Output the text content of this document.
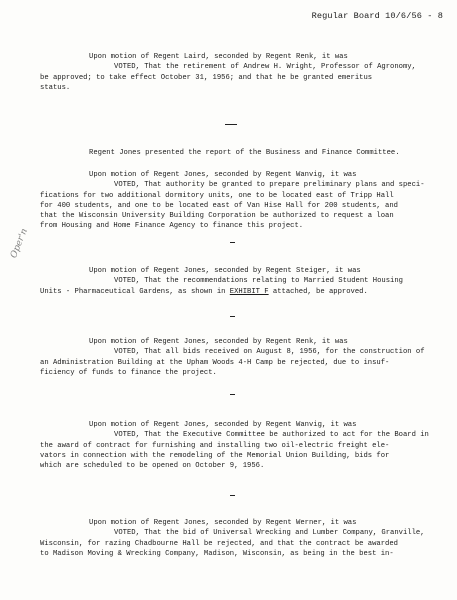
Regular Board 10/6/56 - 8
Oper'n
Upon motion of Regent Laird, seconded by Regent Renk, it was
VOTED, That the retirement of Andrew H. Wright, Professor of Agronomy,
be approved; to take effect October 31, 1956; and that he be granted emeritus
status.
Regent Jones presented the report of the Business and Finance Committee.
Upon motion of Regent Jones, seconded by Regent Wanvig, it was
VOTED, That authority be granted to prepare preliminary plans and speci-
fications for two additional dormitory units, one to be located east of Tripp Hall
for 400 students, and one to be located east of Van Hise Hall for 200 students, and
that the Wisconsin University Building Corporation be authorized to request a loan
from Housing and Home Finance Agency to finance this project.
Upon motion of Regent Jones, seconded by Regent Steiger, it was
VOTED, That the recommendations relating to Married Student Housing
Units - Pharmaceutical Gardens, as shown in EXHIBIT F attached, be approved.
Upon motion of Regent Jones, seconded by Regent Renk, it was
VOTED, That all bids received on August 8, 1956, for the construction of
an Administration Building at the Upham Woods 4-H Camp be rejected, due to insuf-
ficiency of funds to finance the project.
Upon motion of Regent Jones, seconded by Regent Wanvig, it was
VOTED, That the Executive Committee be authorized to act for the Board in
the award of contract for furnishing and installing two oil-electric freight ele-
vators in connection with the remodeling of the Memorial Union Building, bids for
which are scheduled to be opened on October 9, 1956.
Upon motion of Regent Jones, seconded by Regent Werner, it was
VOTED, That the bid of Universal Wrecking and Lumber Company, Granville,
Wisconsin, for razing Chadbourne Hall be rejected, and that the contract be awarded
to Madison Moving & Wrecking Company, Madison, Wisconsin, as being in the best in-
